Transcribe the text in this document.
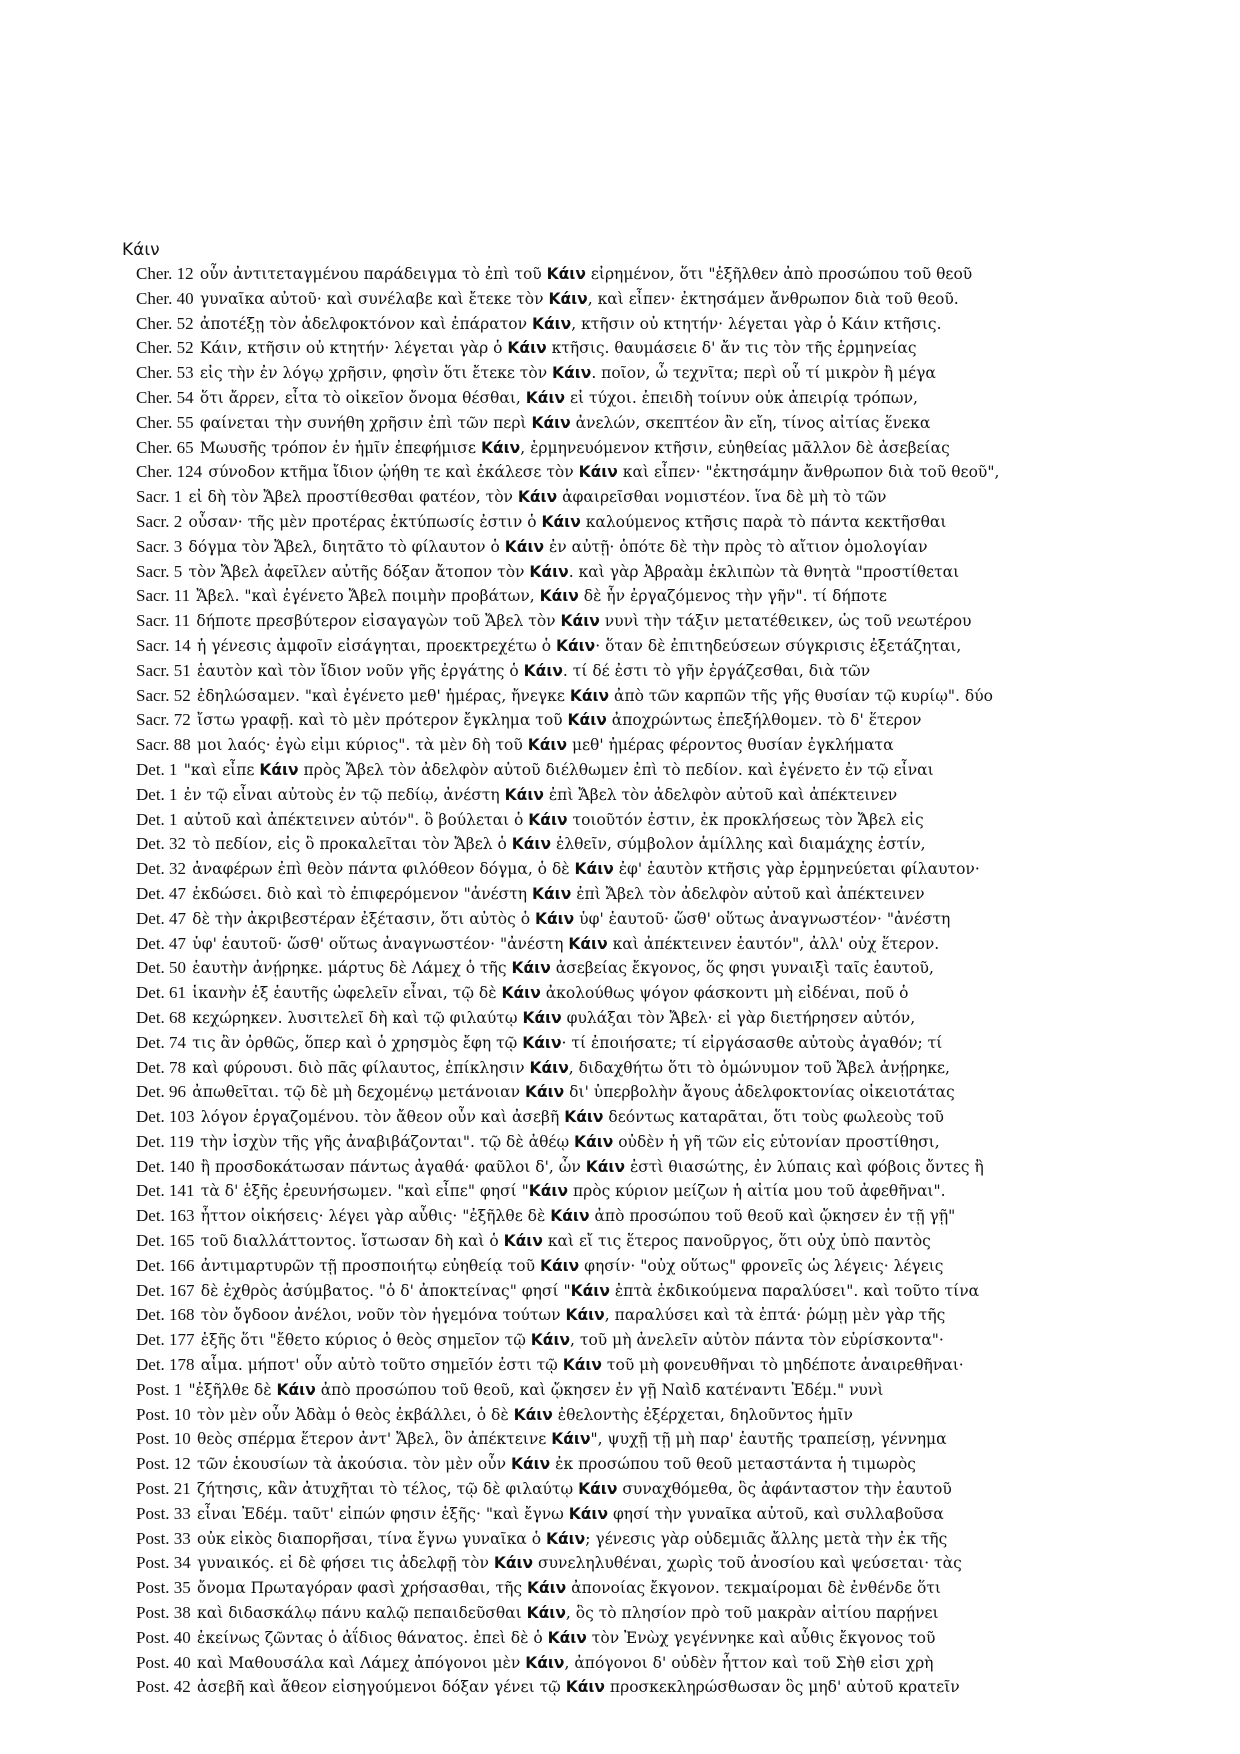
Κάιν
Cher. 12 οὖν ἀντιτεταγμένου παράδειγμα τὸ ἐπὶ τοῦ Κάιν εἰρημένον, ὅτι "ἐξῆλθεν ἀπὸ προσώπου τοῦ θεοῦ
Cher. 40 γυναῖκα αὐτοῦ· καὶ συνέλαβε καὶ ἔτεκε τὸν Κάιν, καὶ εἶπεν· ἐκτησάμεν ἄνθρωπον διὰ τοῦ θεοῦ.
Cher. 52 ἀποτέξῃ τὸν ἀδελφοκτόνον καὶ ἐπάρατον Κάιν, κτῆσιν οὐ κτητήν· λέγεται γὰρ ὁ Κάιν κτῆσις.
Cher. 52 Κάιν, κτῆσιν οὐ κτητήν· λέγεται γὰρ ὁ Κάιν κτῆσις. θαυμάσειε δ' ἄν τις τὸν τῆς ἑρμηνείας
Cher. 53 εἰς τὴν ἐν λόγῳ χρῆσιν, φησὶν ὅτι ἔτεκε τὸν Κάιν. ποῖον, ὦ τεχνῖτα; περὶ οὗ τί μικρὸν ἢ μέγα
Cher. 54 ὅτι ἄρρεν, εἶτα τὸ οἰκεῖον ὄνομα θέσθαι, Κάιν εἰ τύχοι. ἐπειδὴ τοίνυν οὐκ ἀπειρίᾳ τρόπων,
Cher. 55 φαίνεται τὴν συνήθη χρῆσιν ἐπὶ τῶν περὶ Κάιν ἀνελών, σκεπτέον ἂν εἴη, τίνος αἰτίας ἕνεκα
Cher. 65 Μωυσῆς τρόπον ἐν ἡμῖν ἐπεφήμισε Κάιν, ἑρμηνευόμενον κτῆσιν, εὐηθείας μᾶλλον δὲ ἀσεβείας
Cher. 124 σύνοδον κτῆμα ἴδιον ᾠήθη τε καὶ ἐκάλεσε τὸν Κάιν καὶ εἶπεν· "ἐκτησάμην ἄνθρωπον διὰ τοῦ θεοῦ",
Sacr. 1 εἰ δὴ τὸν Ἄβελ προστίθεσθαι φατέον, τὸν Κάιν ἀφαιρεῖσθαι νομιστέον. ἵνα δὲ μὴ τὸ τῶν
Sacr. 2 οὖσαν· τῆς μὲν προτέρας ἐκτύπωσίς ἐστιν ὁ Κάιν καλούμενος κτῆσις παρὰ τὸ πάντα κεκτῆσθαι
Sacr. 3 δόγμα τὸν Ἄβελ, διητᾶτο τὸ φίλαυτον ὁ Κάιν ἐν αὐτῇ· ὁπότε δὲ τὴν πρὸς τὸ αἴτιον ὁμολογίαν
Sacr. 5 τὸν Ἄβελ ἀφεῖλεν αὐτῆς δόξαν ἄτοπον τὸν Κάιν. καὶ γὰρ Ἀβραὰμ ἐκλιπὼν τὰ θνητὰ "προστίθεται
Sacr. 11 Ἄβελ. "καὶ ἐγένετο Ἄβελ ποιμὴν προβάτων, Κάιν δὲ ἦν ἐργαζόμενος τὴν γῆν". τί δήποτε
Sacr. 11 δήποτε πρεσβύτερον εἰσαγαγὼν τοῦ Ἄβελ τὸν Κάιν νυνὶ τὴν τάξιν μετατέθεικεν, ὡς τοῦ νεωτέρου
Sacr. 14 ἡ γένεσις ἀμφοῖν εἰσάγηται, προεκτρεχέτω ὁ Κάιν· ὅταν δὲ ἐπιτηδεύσεων σύγκρισις ἐξετάζηται,
Sacr. 51 ἑαυτὸν καὶ τὸν ἴδιον νοῦν γῆς ἐργάτης ὁ Κάιν. τί δέ ἐστι τὸ γῆν ἐργάζεσθαι, διὰ τῶν
Sacr. 52 ἐδηλώσαμεν. "καὶ ἐγένετο μεθ' ἡμέρας, ἤνεγκε Κάιν ἀπὸ τῶν καρπῶν τῆς γῆς θυσίαν τῷ κυρίῳ". δύο
Sacr. 72 ἴστω γραφῇ. καὶ τὸ μὲν πρότερον ἔγκλημα τοῦ Κάιν ἀποχρώντως ἐπεξήλθομεν. τὸ δ' ἕτερον
Sacr. 88 μοι λαός· ἐγὼ εἰμι κύριος". τὰ μὲν δὴ τοῦ Κάιν μεθ' ἡμέρας φέροντος θυσίαν ἐγκλήματα
Det. 1 "καὶ εἶπε Κάιν πρὸς Ἄβελ τὸν ἀδελφὸν αὐτοῦ διέλθωμεν ἐπὶ τὸ πεδίον. καὶ ἐγένετο ἐν τῷ εἶναι
Det. 1 ἐν τῷ εἶναι αὐτοὺς ἐν τῷ πεδίῳ, ἀνέστη Κάιν ἐπὶ Ἄβελ τὸν ἀδελφὸν αὐτοῦ καὶ ἀπέκτεινεν
Det. 1 αὐτοῦ καὶ ἀπέκτεινεν αὐτόν". ὃ βούλεται ὁ Κάιν τοιοῦτόν ἐστιν, ἐκ προκλήσεως τὸν Ἄβελ εἰς
Det. 32 τὸ πεδίον, εἰς ὃ προκαλεῖται τὸν Ἄβελ ὁ Κάιν ἐλθεῖν, σύμβολον ἁμίλλης καὶ διαμάχης ἐστίν,
Det. 32 ἀναφέρων ἐπὶ θεὸν πάντα φιλόθεον δόγμα, ὁ δὲ Κάιν ἐφ' ἑαυτὸν κτῆσις γὰρ ἑρμηνεύεται φίλαυτον·
Det. 47 ἐκδώσει. διὸ καὶ τὸ ἐπιφερόμενον "ἀνέστη Κάιν ἐπὶ Ἄβελ τὸν ἀδελφὸν αὐτοῦ καὶ ἀπέκτεινεν
Det. 47 δὲ τὴν ἀκριβεστέραν ἐξέτασιν, ὅτι αὐτὸς ὁ Κάιν ὑφ' ἑαυτοῦ· ὥσθ' οὕτως ἀναγνωστέον· "ἀνέστη
Det. 47 ὑφ' ἑαυτοῦ· ὥσθ' οὕτως ἀναγνωστέον· "ἀνέστη Κάιν καὶ ἀπέκτεινεν ἑαυτόν", ἀλλ' οὐχ ἕτερον.
Det. 50 ἑαυτὴν ἀνῄρηκε. μάρτυς δὲ Λάμεχ ὁ τῆς Κάιν ἀσεβείας ἔκγονος, ὅς φησι γυναιξὶ ταῖς ἑαυτοῦ,
Det. 61 ἱκανὴν ἐξ ἑαυτῆς ὠφελεῖν εἶναι, τῷ δὲ Κάιν ἀκολούθως ψόγον φάσκοντι μὴ εἰδέναι, ποῦ ὁ
Det. 68 κεχώρηκεν. λυσιτελεῖ δὴ καὶ τῷ φιλαύτῳ Κάιν φυλάξαι τὸν Ἄβελ· εἰ γὰρ διετήρησεν αὐτόν,
Det. 74 τις ἂν ὀρθῶς, ὅπερ καὶ ὁ χρησμὸς ἔφη τῷ Κάιν· τί ἐποιήσατε; τί εἰργάσασθε αὐτοὺς ἀγαθόν; τί
Det. 78 καὶ φύρουσι. διὸ πᾶς φίλαυτος, ἐπίκλησιν Κάιν, διδαχθήτω ὅτι τὸ ὁμώνυμον τοῦ Ἄβελ ἀνῄρηκε,
Det. 96 ἀπωθεῖται. τῷ δὲ μὴ δεχομένῳ μετάνοιαν Κάιν δι' ὑπερβολὴν ἄγους ἀδελφοκτονίας οἰκειοτάτας
Det. 103 λόγον ἐργαζομένου. τὸν ἄθεον οὖν καὶ ἀσεβῆ Κάιν δεόντως καταρᾶται, ὅτι τοὺς φωλεοὺς τοῦ
Det. 119 τὴν ἰσχὺν τῆς γῆς ἀναβιβάζονται". τῷ δὲ ἀθέῳ Κάιν οὐδὲν ἡ γῆ τῶν εἰς εὐτονίαν προστίθησι,
Det. 140 ἢ προσδοκάτωσαν πάντως ἀγαθά· φαῦλοι δ', ὧν Κάιν ἐστὶ θιασώτης, ἐν λύπαις καὶ φόβοις ὄντες ἢ
Det. 141 τὰ δ' ἑξῆς ἐρευνήσωμεν. "καὶ εἶπε" φησί "Κάιν πρὸς κύριον μείζων ἡ αἰτία μου τοῦ ἀφεθῆναι".
Det. 163 ἧττον οἰκήσεις· λέγει γὰρ αὖθις· "ἐξῆλθε δὲ Κάιν ἀπὸ προσώπου τοῦ θεοῦ καὶ ᾤκησεν ἐν τῇ γῇ"
Det. 165 τοῦ διαλλάττοντος. ἴστωσαν δὴ καὶ ὁ Κάιν καὶ εἴ τις ἕτερος πανοῦργος, ὅτι οὐχ ὑπὸ παντὸς
Det. 166 ἀντιμαρτυρῶν τῇ προσποιήτῳ εὐηθείᾳ τοῦ Κάιν φησίν· "οὐχ οὕτως" φρονεῖς ὡς λέγεις· λέγεις
Det. 167 δὲ ἐχθρὸς ἀσύμβατος. "ὁ δ' ἀποκτείνας" φησί "Κάιν ἑπτὰ ἐκδικούμενα παραλύσει". καὶ τοῦτο τίνα
Det. 168 τὸν ὄγδοον ἀνέλοι, νοῦν τὸν ἡγεμόνα τούτων Κάιν, παραλύσει καὶ τὰ ἑπτά· ῥώμῃ μὲν γὰρ τῆς
Det. 177 ἑξῆς ὅτι "ἔθετο κύριος ὁ θεὸς σημεῖον τῷ Κάιν, τοῦ μὴ ἀνελεῖν αὐτὸν πάντα τὸν εὑρίσκοντα"·
Det. 178 αἷμα. μήποτ' οὖν αὐτὸ τοῦτο σημεῖόν ἐστι τῷ Κάιν τοῦ μὴ φονευθῆναι τὸ μηδέποτε ἀναιρεθῆναι·
Post. 1 "ἐξῆλθε δὲ Κάιν ἀπὸ προσώπου τοῦ θεοῦ, καὶ ᾤκησεν ἐν γῇ Ναὶδ κατέναντι Ἐδέμ." νυνὶ
Post. 10 τὸν μὲν οὖν Ἀδὰμ ὁ θεὸς ἐκβάλλει, ὁ δὲ Κάιν ἐθελοντὴς ἐξέρχεται, δηλοῦντος ἡμῖν
Post. 10 θεὸς σπέρμα ἕτερον ἀντ' Ἄβελ, ὃν ἀπέκτεινε Κάιν", ψυχῇ τῇ μὴ παρ' ἑαυτῆς τραπείσῃ, γέννημα
Post. 12 τῶν ἑκουσίων τὰ ἀκούσια. τὸν μὲν οὖν Κάιν ἐκ προσώπου τοῦ θεοῦ μεταστάντα ἡ τιμωρὸς
Post. 21 ζήτησις, κἂν ἀτυχῆται τὸ τέλος, τῷ δὲ φιλαύτῳ Κάιν συναχθόμεθα, ὃς ἀφάνταστον τὴν ἑαυτοῦ
Post. 33 εἶναι Ἐδέμ. ταῦτ' εἰπών φησιν ἑξῆς· "καὶ ἔγνω Κάιν φησί τὴν γυναῖκα αὐτοῦ, καὶ συλλαβοῦσα
Post. 33 οὐκ εἰκὸς διαπορῆσαι, τίνα ἔγνω γυναῖκα ὁ Κάιν; γένεσις γὰρ οὐδεμιᾶς ἄλλης μετὰ τὴν ἐκ τῆς
Post. 34 γυναικός. εἰ δὲ φήσει τις ἀδελφῇ τὸν Κάιν συνεληλυθέναι, χωρὶς τοῦ ἀνοσίου καὶ ψεύσεται· τὰς
Post. 35 ὄνομα Πρωταγόραν φασὶ χρήσασθαι, τῆς Κάιν ἀπονοίας ἔκγονον. τεκμαίρομαι δὲ ἐνθένδε ὅτι
Post. 38 καὶ διδασκάλῳ πάνυ καλῷ πεπαιδεῦσθαι Κάιν, ὃς τὸ πλησίον πρὸ τοῦ μακρὰν αἰτίου παρῄνει
Post. 40 ἐκείνως ζῶντας ὁ ἀΐδιος θάνατος. ἐπεὶ δὲ ὁ Κάιν τὸν Ἐνὼχ γεγέννηκε καὶ αὖθις ἔκγονος τοῦ
Post. 40 καὶ Μαθουσάλα καὶ Λάμεχ ἀπόγονοι μὲν Κάιν, ἀπόγονοι δ' οὐδὲν ἧττον καὶ τοῦ Σὴθ εἰσι χρὴ
Post. 42 ἀσεβῆ καὶ ἄθεον εἰσηγούμενοι δόξαν γένει τῷ Κάιν προσκεκληρώσθωσαν ὃς μηδ' αὐτοῦ κρατεῖν
